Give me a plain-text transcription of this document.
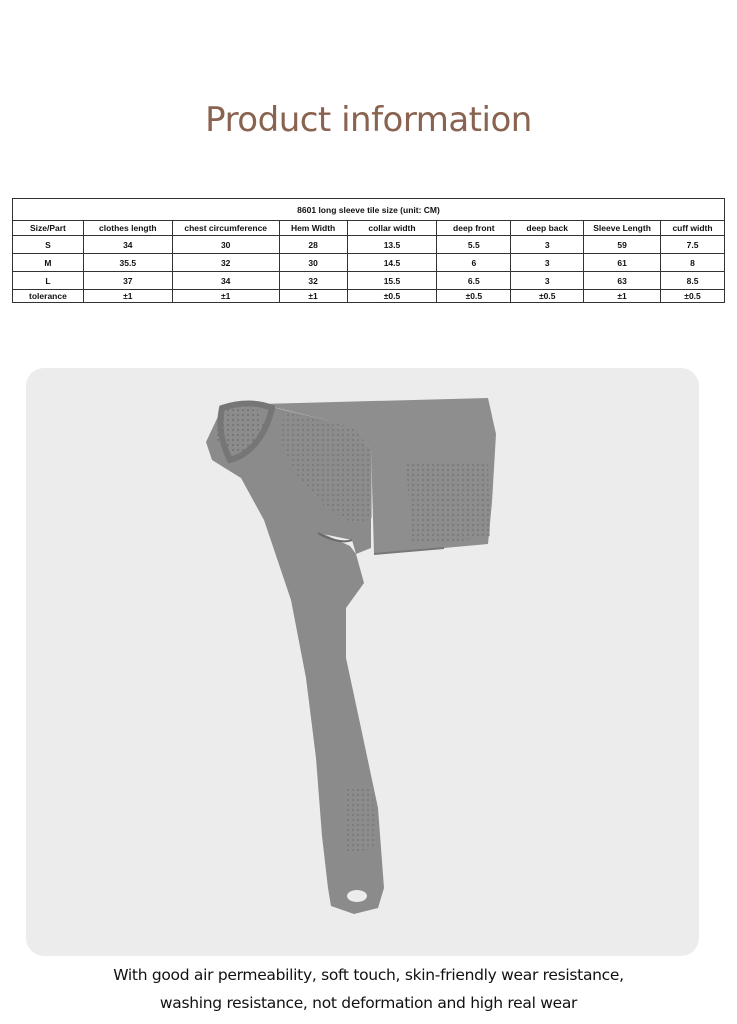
Product information
8601 long sleeve tile size (unit: CM)								
Size/Part	clothes length	chest circumference	Hem Width	collar width	deep front	deep back	Sleeve Length	cuff width
S	34	30	28	13.5	5.5	3	59	7.5
M	35.5	32	30	14.5	6	3	61	8
L	37	34	32	15.5	6.5	3	63	8.5
tolerance	±1	±1	±1	±0.5	±0.5	±0.5	±1	±0.5
With good air permeability, soft touch, skin-friendly wear resistance,
washing resistance, not deformation and high real wear
